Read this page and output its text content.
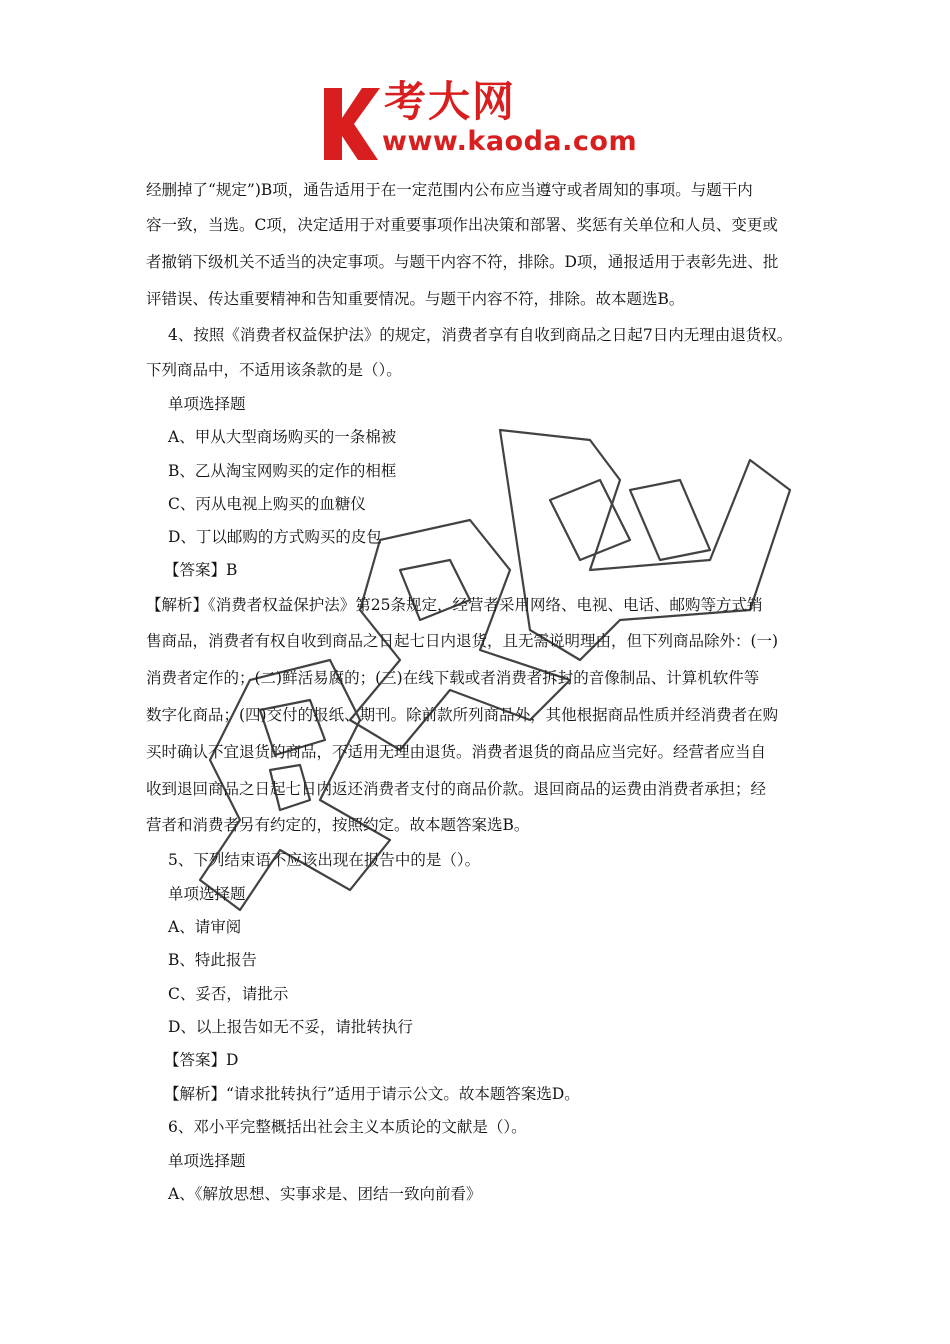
考大网
www.kaoda.com
经删掉了“规定”)B项，通告适用于在一定范围内公布应当遵守或者周知的事项。与题干内
容一致，当选。C项，决定适用于对重要事项作出决策和部署、奖惩有关单位和人员、变更或
者撤销下级机关不适当的决定事项。与题干内容不符，排除。D项，通报适用于表彰先进、批
评错误、传达重要精神和告知重要情况。与题干内容不符，排除。故本题选B。
4、按照《消费者权益保护法》的规定，消费者享有自收到商品之日起7日内无理由退货权。
下列商品中，不适用该条款的是（）。
单项选择题
A、甲从大型商场购买的一条棉被
B、乙从淘宝网购买的定作的相框
C、丙从电视上购买的血糖仪
D、丁以邮购的方式购买的皮包
【答案】B
【解析】《消费者权益保护法》第25条规定，经营者采用网络、电视、电话、邮购等方式销
售商品，消费者有权自收到商品之日起七日内退货，且无需说明理由，但下列商品除外：(一)
消费者定作的；(二)鲜活易腐的；(三)在线下载或者消费者拆封的音像制品、计算机软件等
数字化商品；(四)交付的报纸、期刊。除前款所列商品外，其他根据商品性质并经消费者在购
买时确认不宜退货的商品，不适用无理由退货。消费者退货的商品应当完好。经营者应当自
收到退回商品之日起七日内返还消费者支付的商品价款。退回商品的运费由消费者承担；经
营者和消费者另有约定的，按照约定。故本题答案选B。
5、下列结束语不应该出现在报告中的是（）。
单项选择题
A、请审阅
B、特此报告
C、妥否，请批示
D、以上报告如无不妥，请批转执行
【答案】D
【解析】“请求批转执行”适用于请示公文。故本题答案选D。
6、邓小平完整概括出社会主义本质论的文献是（）。
单项选择题
A、《解放思想、实事求是、团结一致向前看》
张岚文网
